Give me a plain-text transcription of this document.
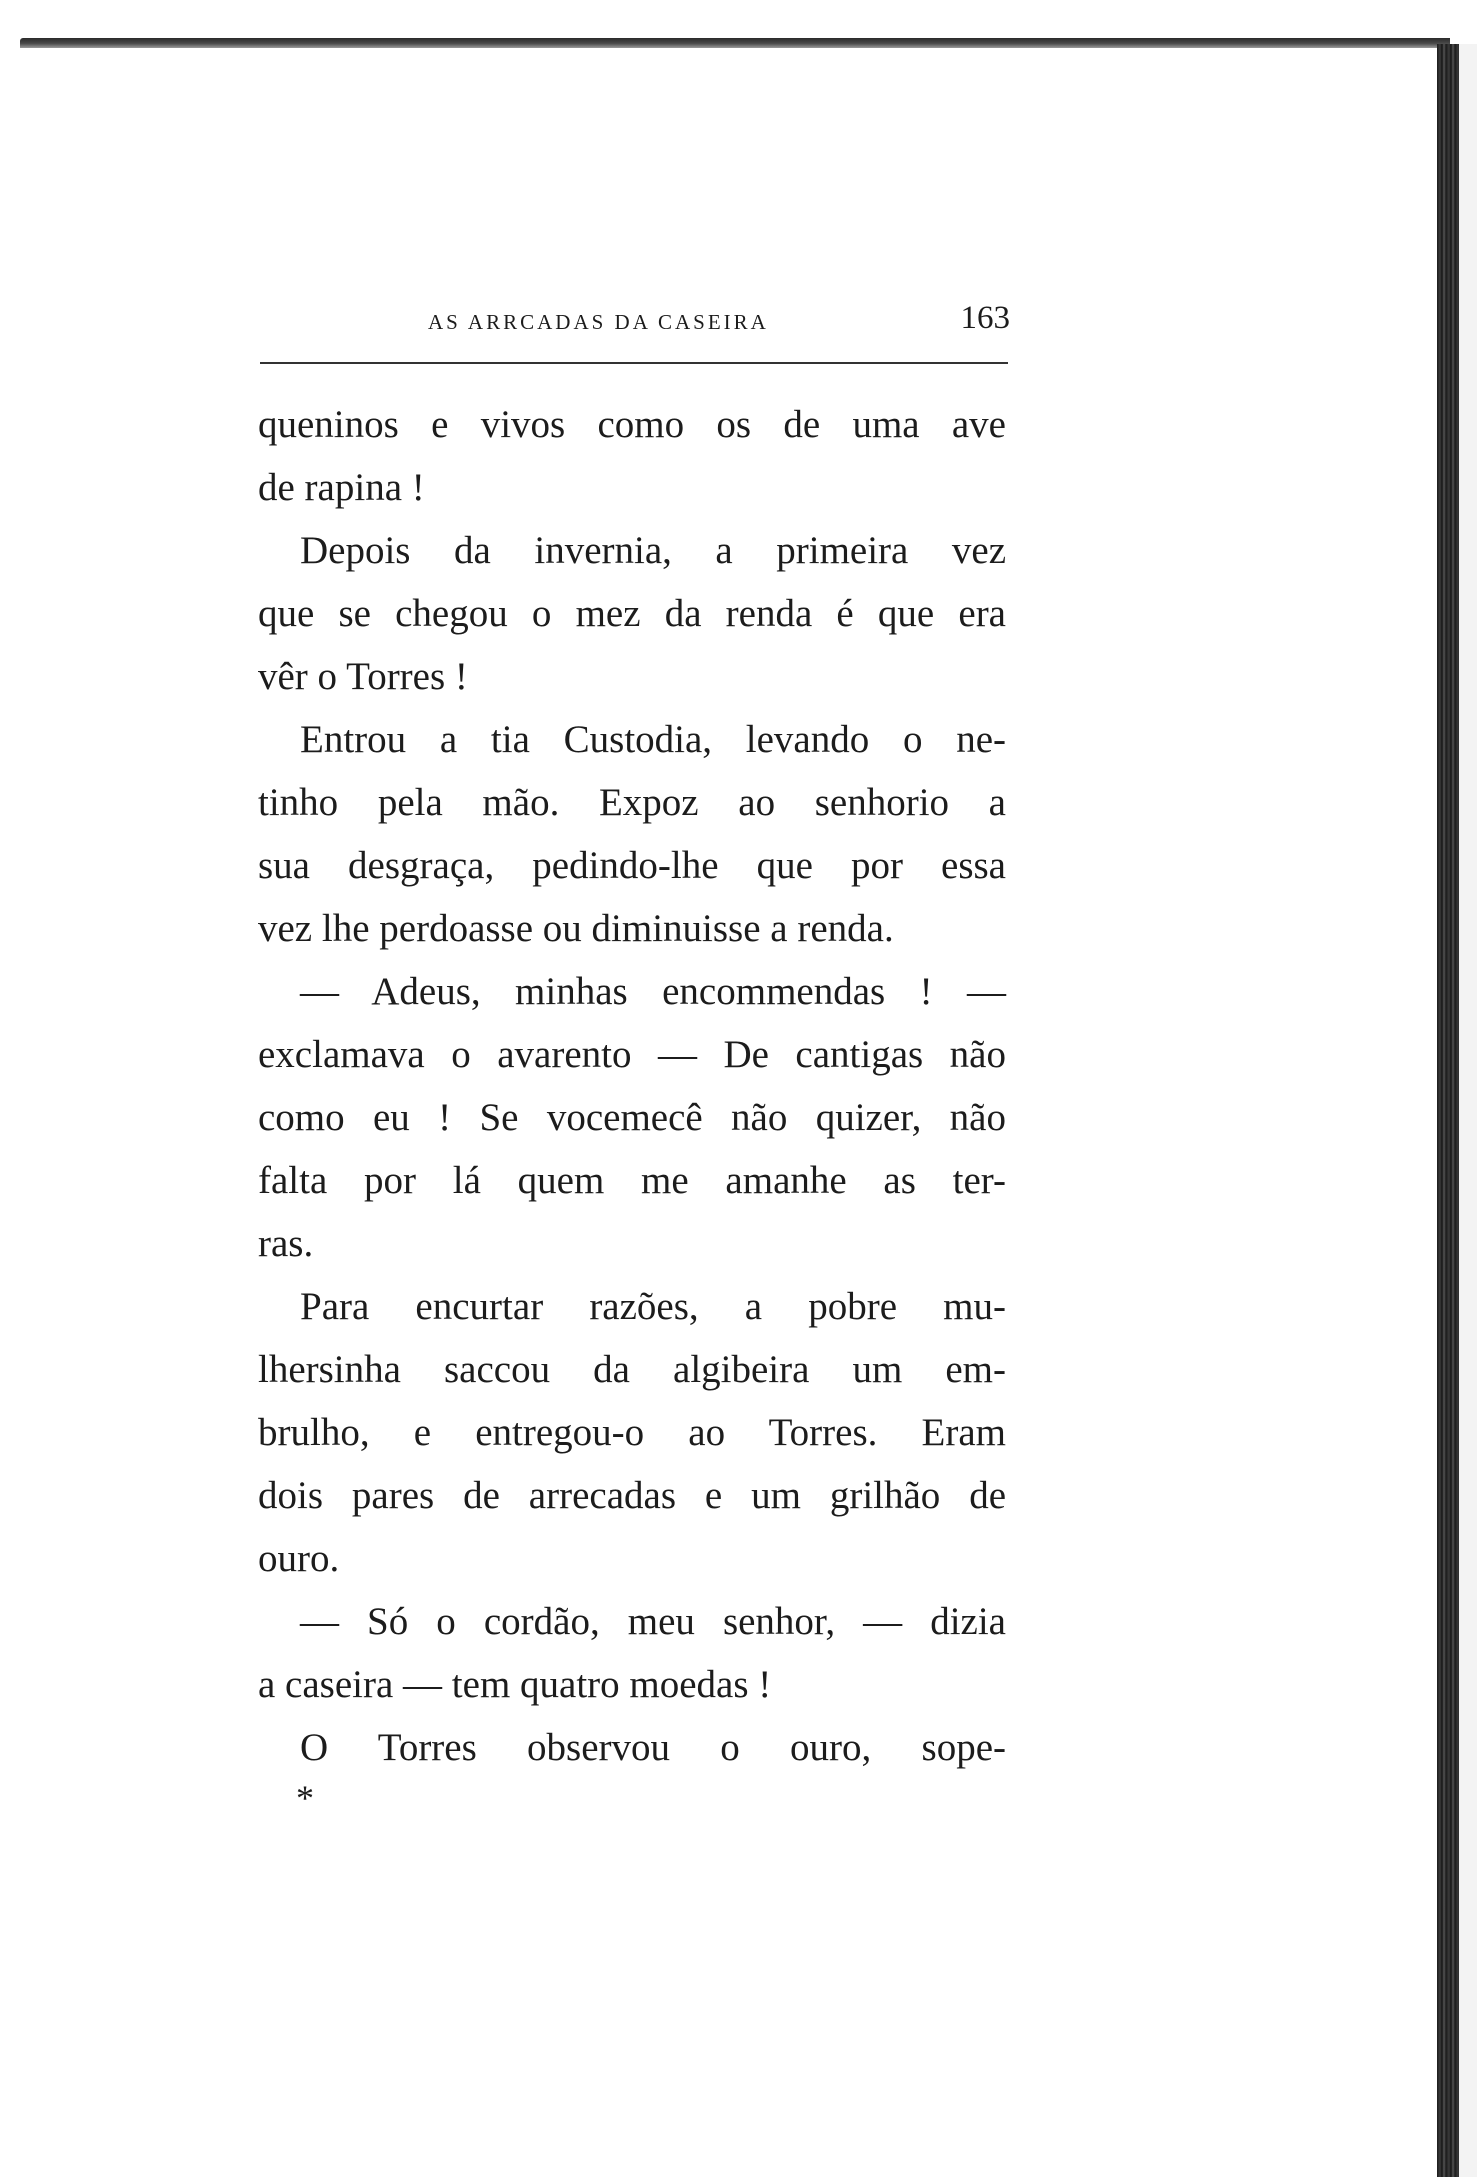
AS ARRCADAS DA CASEIRA	163
queninos e vivos como os de uma ave
de rapina !
Depois da invernia, a primeira vez
que se chegou o mez da renda é que era
vêr o Torres !
Entrou a tia Custodia, levando o ne-
tinho pela mão. Expoz ao senhorio a
sua desgraça, pedindo-lhe que por essa
vez lhe perdoasse ou diminuisse a renda.
— Adeus, minhas encommendas ! —
exclamava o avarento — De cantigas não
como eu ! Se vocemecê não quizer, não
falta por lá quem me amanhe as ter-
ras.
Para encurtar razões, a pobre mu-
lhersinha saccou da algibeira um em-
brulho, e entregou-o ao Torres. Eram
dois pares de arrecadas e um grilhão de
ouro.
— Só o cordão, meu senhor, — dizia
a caseira — tem quatro moedas !
O Torres observou o ouro, sope-
*
